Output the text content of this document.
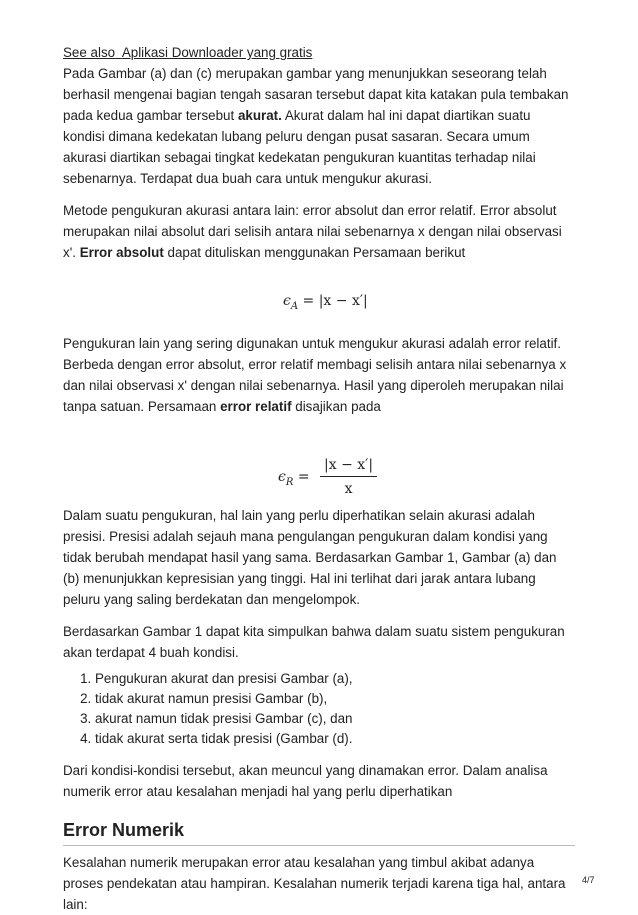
See also Aplikasi Downloader yang gratis
Pada Gambar (a) dan (c) merupakan gambar yang menunjukkan seseorang telah berhasil mengenai bagian tengah sasaran tersebut dapat kita katakan pula tembakan pada kedua gambar tersebut akurat. Akurat dalam hal ini dapat diartikan suatu kondisi dimana kedekatan lubang peluru dengan pusat sasaran. Secara umum akurasi diartikan sebagai tingkat kedekatan pengukuran kuantitas terhadap nilai sebenarnya. Terdapat dua buah cara untuk mengukur akurasi.

Metode pengukuran akurasi antara lain: error absolut dan error relatif. Error absolut merupakan nilai absolut dari selisih antara nilai sebenarnya x dengan nilai observasi x'. Error absolut dapat dituliskan menggunakan Persamaan berikut

$\epsilon_A = |x - x'|$

Pengukuran lain yang sering digunakan untuk mengukur akurasi adalah error relatif. Berbeda dengan error absolut, error relatif membagi selisih antara nilai sebenarnya x dan nilai observasi x' dengan nilai sebenarnya. Hasil yang diperoleh merupakan nilai tanpa satuan. Persamaan error relatif disajikan pada

$\epsilon_R = \frac{|x - x'|}{x}$

Dalam suatu pengukuran, hal lain yang perlu diperhatikan selain akurasi adalah presisi. Presisi adalah sejauh mana pengulangan pengukuran dalam kondisi yang tidak berubah mendapat hasil yang sama. Berdasarkan Gambar 1, Gambar (a) dan (b) menunjukkan kepresisian yang tinggi. Hal ini terlihat dari jarak antara lubang peluru yang saling berdekatan dan mengelompok.

Berdasarkan Gambar 1 dapat kita simpulkan bahwa dalam suatu sistem pengukuran akan terdapat 4 buah kondisi.

1. Pengukuran akurat dan presisi Gambar (a),
2. tidak akurat namun presisi Gambar (b),
3. akurat namun tidak presisi Gambar (c), dan
4. tidak akurat serta tidak presisi (Gambar (d).

Dari kondisi-kondisi tersebut, akan meuncul yang dinamakan error. Dalam analisa numerik error atau kesalahan menjadi hal yang perlu diperhatikan

Error Numerik

Kesalahan numerik merupakan error atau kesalahan yang timbul akibat adanya proses pendekatan atau hampiran. Kesalahan numerik terjadi karena tiga hal, antara lain:

4/7
